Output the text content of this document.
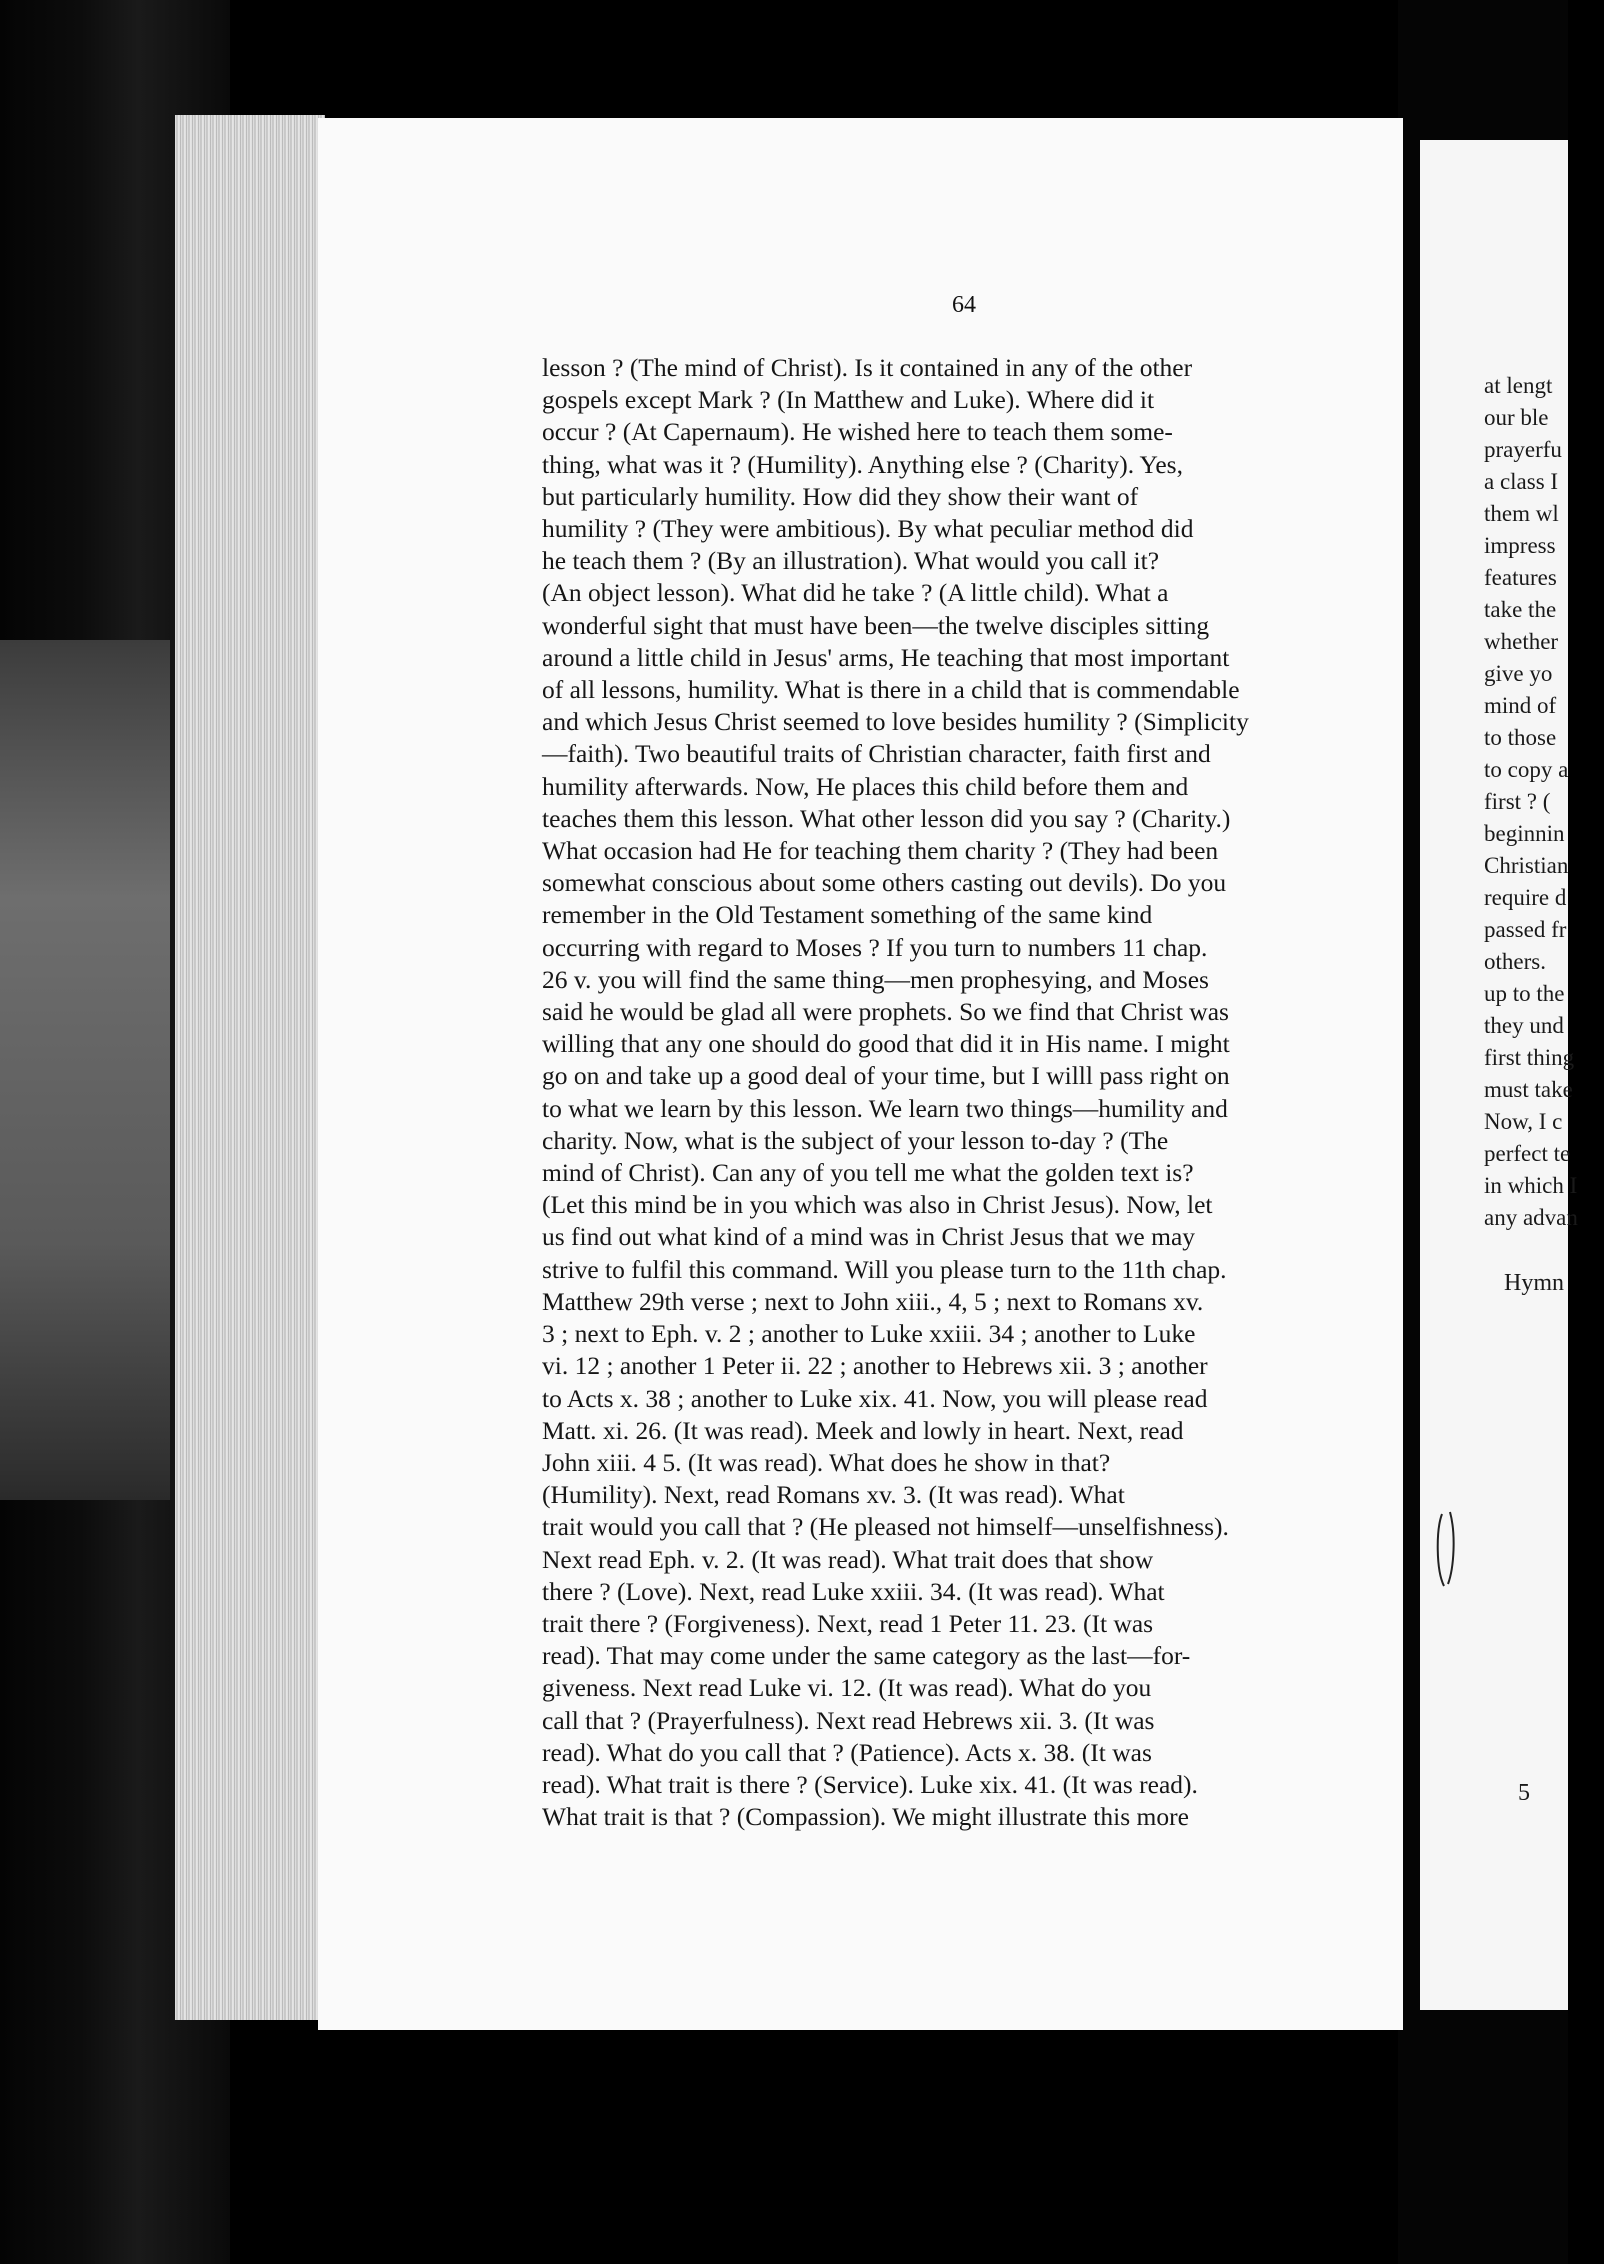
64

lesson ? (The mind of Christ). Is it contained in any of the other

gospels except Mark ? (In Matthew and Luke). Where did it

occur ? (At Capernaum). He wished here to teach them some-

thing, what was it ? (Humility). Anything else ? (Charity). Yes,

but particularly humility. How did they show their want of

humility ? (They were ambitious). By what peculiar method did

he teach them ? (By an illustration). What would you call it?

(An object lesson). What did he take ? (A little child). What a

wonderful sight that must have been—the twelve disciples sitting

around a little child in Jesus' arms, He teaching that most important

of all lessons, humility. What is there in a child that is commendable

and which Jesus Christ seemed to love besides humility ? (Simplicity

—faith). Two beautiful traits of Christian character, faith first and

humility afterwards. Now, He places this child before them and

teaches them this lesson. What other lesson did you say ? (Charity.)

What occasion had He for teaching them charity ? (They had been

somewhat conscious about some others casting out devils). Do you

remember in the Old Testament something of the same kind

occurring with regard to Moses ? If you turn to numbers 11 chap.

26 v. you will find the same thing—men prophesying, and Moses

said he would be glad all were prophets. So we find that Christ was

willing that any one should do good that did it in His name. I might

go on and take up a good deal of your time, but I willl pass right on

to what we learn by this lesson. We learn two things—humility and

charity. Now, what is the subject of your lesson to-day ? (The

mind of Christ). Can any of you tell me what the golden text is?

(Let this mind be in you which was also in Christ Jesus). Now, let

us find out what kind of a mind was in Christ Jesus that we may

strive to fulfil this command. Will you please turn to the 11th chap.

Matthew 29th verse ; next to John xiii., 4, 5 ; next to Romans xv.

3 ; next to Eph. v. 2 ; another to Luke xxiii. 34 ; another to Luke

vi. 12 ; another 1 Peter ii. 22 ; another to Hebrews xii. 3 ; another

to Acts x. 38 ; another to Luke xix. 41. Now, you will please read

Matt. xi. 26. (It was read). Meek and lowly in heart. Next, read

John xiii. 4 5. (It was read). What does he show in that?

(Humility). Next, read Romans xv. 3. (It was read). What

trait would you call that ? (He pleased not himself—unselfishness).

Next read Eph. v. 2. (It was read). What trait does that show

there ? (Love). Next, read Luke xxiii. 34. (It was read). What

trait there ? (Forgiveness). Next, read 1 Peter 11. 23. (It was

read). That may come under the same category as the last—for-

giveness. Next read Luke vi. 12. (It was read). What do you

call that ? (Prayerfulness). Next read Hebrews xii. 3. (It was

read). What do you call that ? (Patience). Acts x. 38. (It was

read). What trait is there ? (Service). Luke xix. 41. (It was read).

What trait is that ? (Compassion). We might illustrate this more

at lengt

our ble

prayerfu

a class I

them wl

impress

features

take the

whether

give yo

mind of

to those

to copy a

first ? (

beginnin

Christian

require d

passed fr

others.

up to the

they und

first thing

must take

Now, I c

perfect te

in which I

any advan

Hymn
5
